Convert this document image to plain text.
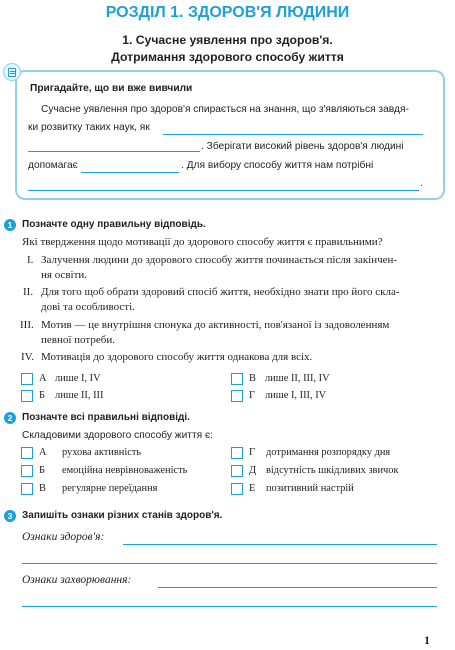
РОЗДІЛ 1. ЗДОРОВ'Я ЛЮДИНИ
1. Сучасне уявлення про здоров'я.
Дотримання здорового способу життя
Пригадайте, що ви вже вивчили
Сучасне уявлення про здоров'я спирається на знання, що з'являються завдя-
ки розвитку таких наук, як
. Зберігати високий рівень здоров'я людині
допомагає	. Для вибору способу життя нам потрібні
.
1 Позначте одну правильну відповідь.
Які твердження щодо мотивації до здорового способу життя є правильними?
I. Залучення людини до здорового способу життя починається після закінчен-
ня освіти.
II. Для того щоб обрати здоровий спосіб життя, необхідно знати про його скла-
дові та особливості.
III. Мотив — це внутрішня спонука до активності, пов'язаної із задоволенням
певної потреби.
IV. Мотивація до здорового способу життя однакова для всіх.
А лише I, IV	В лише II, III, IV
Б лише II, III	Г лише I, III, IV
2 Позначте всі правильні відповіді.
Складовими здорового способу життя є:
А рухова активність	Г дотримання розпорядку дня
Б емоційна неврівноваженість	Д відсутність шкідливих звичок
В регулярне переїдання	Е позитивний настрій
3 Запишіть ознаки різних станів здоров'я.
Ознаки здоров'я:
Ознаки захворювання:
1
